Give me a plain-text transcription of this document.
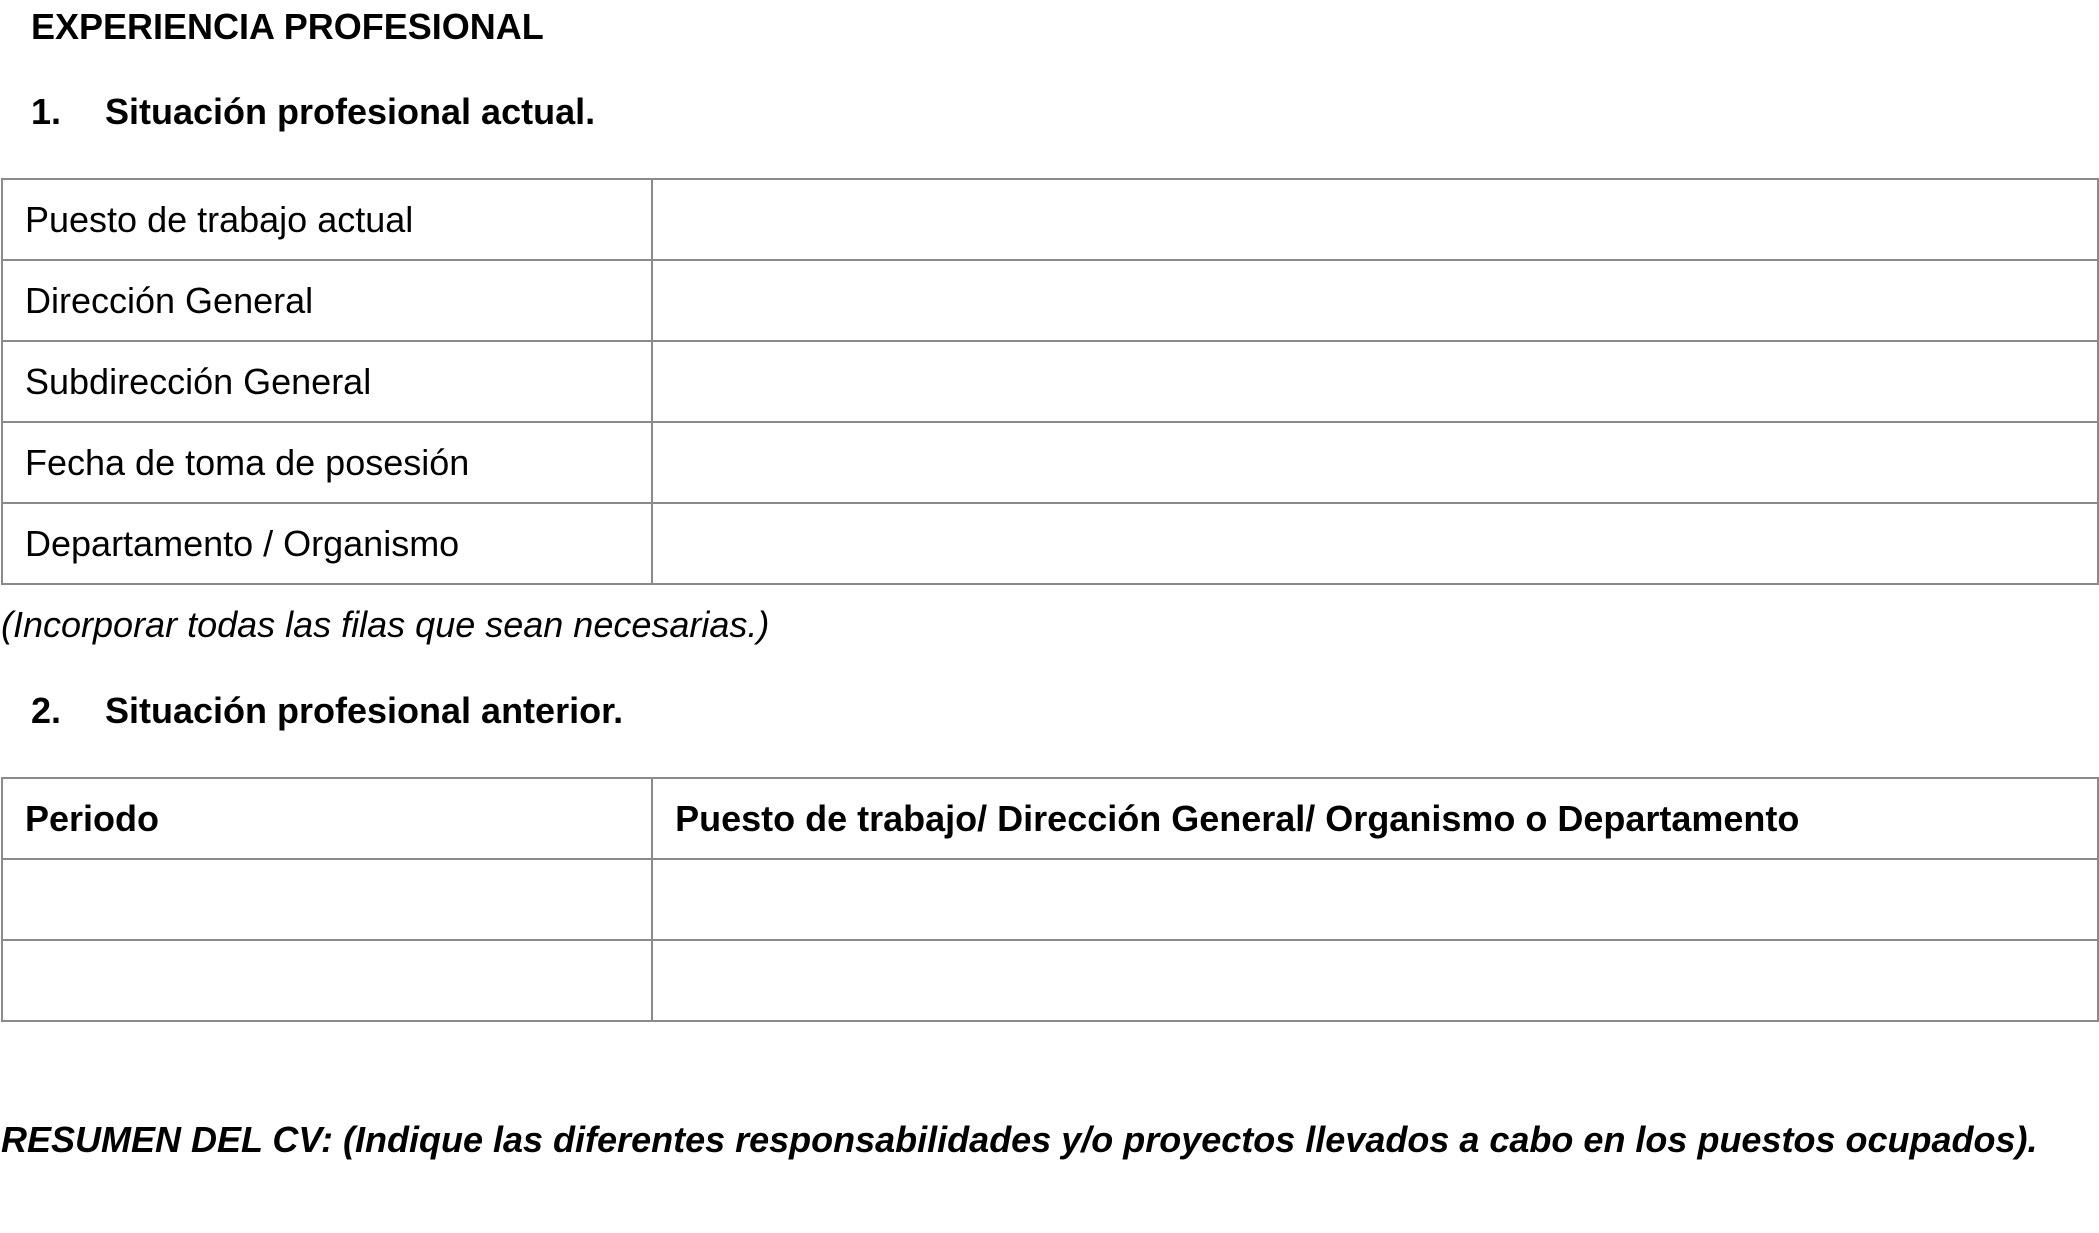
EXPERIENCIA PROFESIONAL
1. Situación profesional actual.
Puesto de trabajo actual	
Dirección General	
Subdirección General	
Fecha de toma de posesión	
Departamento / Organismo	
(Incorporar todas las filas que sean necesarias.)
2. Situación profesional anterior.
Periodo	Puesto de trabajo/ Dirección General/ Organismo o Departamento

RESUMEN DEL CV: (Indique las diferentes responsabilidades y/o proyectos llevados a cabo en los puestos ocupados).
